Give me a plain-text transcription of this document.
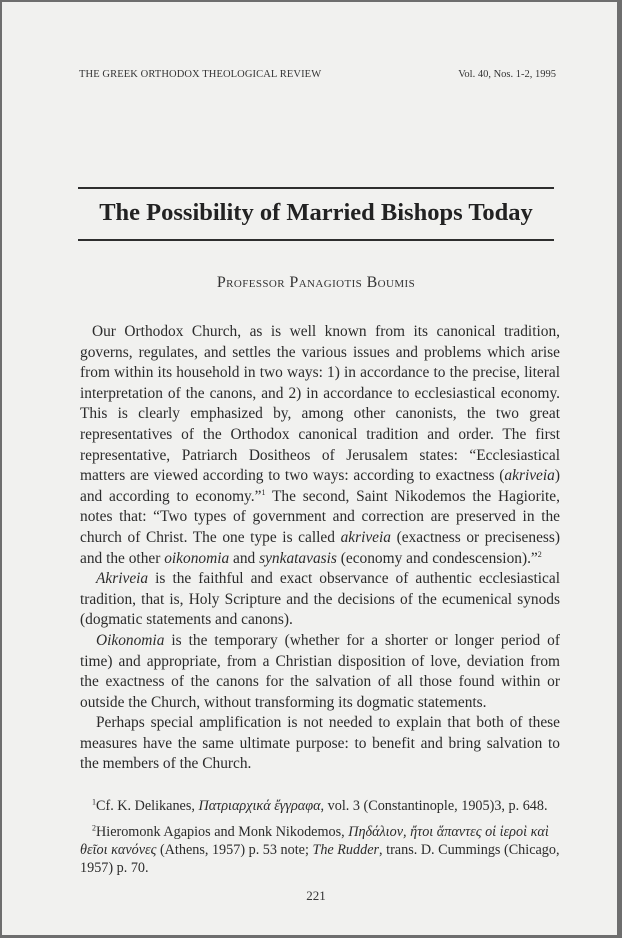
THE GREEK ORTHODOX THEOLOGICAL REVIEW	Vol. 40, Nos. 1-2, 1995
The Possibility of Married Bishops Today
Professor Panagiotis Boumis

Our Orthodox Church, as is well known from its canonical tradition, governs, regulates, and settles the various issues and problems which arise from within its household in two ways: 1) in accordance to the precise, literal interpretation of the canons, and 2) in accordance to ecclesiastical economy. This is clearly emphasized by, among other canonists, the two great representatives of the Orthodox canonical tradition and order. The first representative, Patriarch Dositheos of Jerusalem states: “Ecclesiastical matters are viewed according to two ways: according to exactness (akriveia) and according to economy.”$^1$ The second, Saint Nikodemos the Hagiorite, notes that: “Two types of government and correction are preserved in the church of Christ. The one type is called akriveia (exactness or preciseness) and the other oikonomia and synkatavasis (economy and condescension).”$^2$

Akriveia is the faithful and exact observance of authentic ecclesiastical tradition, that is, Holy Scripture and the decisions of the ecumenical synods (dogmatic statements and canons).

Oikonomia is the temporary (whether for a shorter or longer period of time) and appropriate, from a Christian disposition of love, deviation from the exactness of the canons for the salvation of all those found within or outside the Church, without transforming its dogmatic statements.

Perhaps special amplification is not needed to explain that both of these measures have the same ultimate purpose: to benefit and bring salvation to the members of the Church.

$^1$Cf. K. Delikanes, Πατριαρχικά ἔγγραφα, vol. 3 (Constantinople, 1905)3, p. 648.

$^2$Hieromonk Agapios and Monk Nikodemos, Πηδάλιον, ἤτοι ἅπαντες οἱ ἱεροὶ καὶ θεῖοι κανόνες (Athens, 1957) p. 53 note; The Rudder, trans. D. Cummings (Chicago, 1957) p. 70.

221
